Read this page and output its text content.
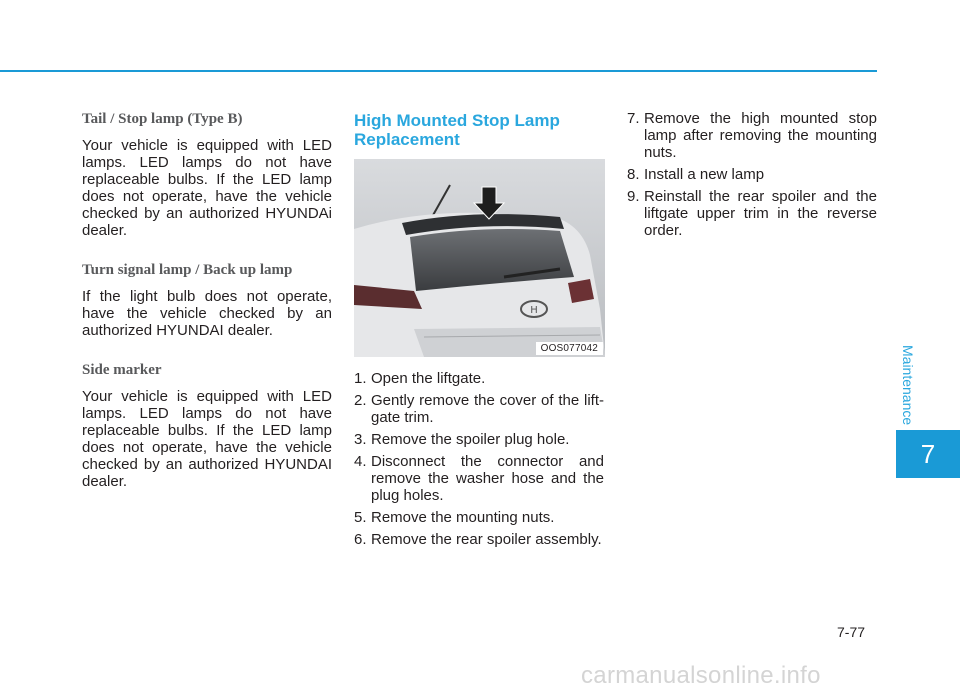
Tail / Stop lamp (Type B)

Your vehicle is equipped with LED lamps. LED lamps do not have replaceable bulbs. If the LED lamp does not operate, have the vehicle checked by an authorized HYUNDAi dealer.

Turn signal lamp / Back up lamp

If the light bulb does not operate, have the vehicle checked by an authorized HYUNDAI dealer.

Side marker

Your vehicle is equipped with LED lamps. LED lamps do not have replaceable bulbs. If the LED lamp does not operate, have the vehicle checked by an authorized HYUNDAI dealer.

High Mounted Stop Lamp Replacement
H
OOS077042
1. Open the liftgate.
2. Gently remove the cover of the lift-gate trim.
3. Remove the spoiler plug hole.
4. Disconnect the connector and remove the washer hose and the plug holes.
5. Remove the mounting nuts.
6. Remove the rear spoiler assembly.
7. Remove the high mounted stop lamp after removing the mounting nuts.
8. Install a new lamp
9. Reinstall the rear spoiler and the liftgate upper trim in the reverse order.
Maintenance
7
7-77
carmanualsonline.info
